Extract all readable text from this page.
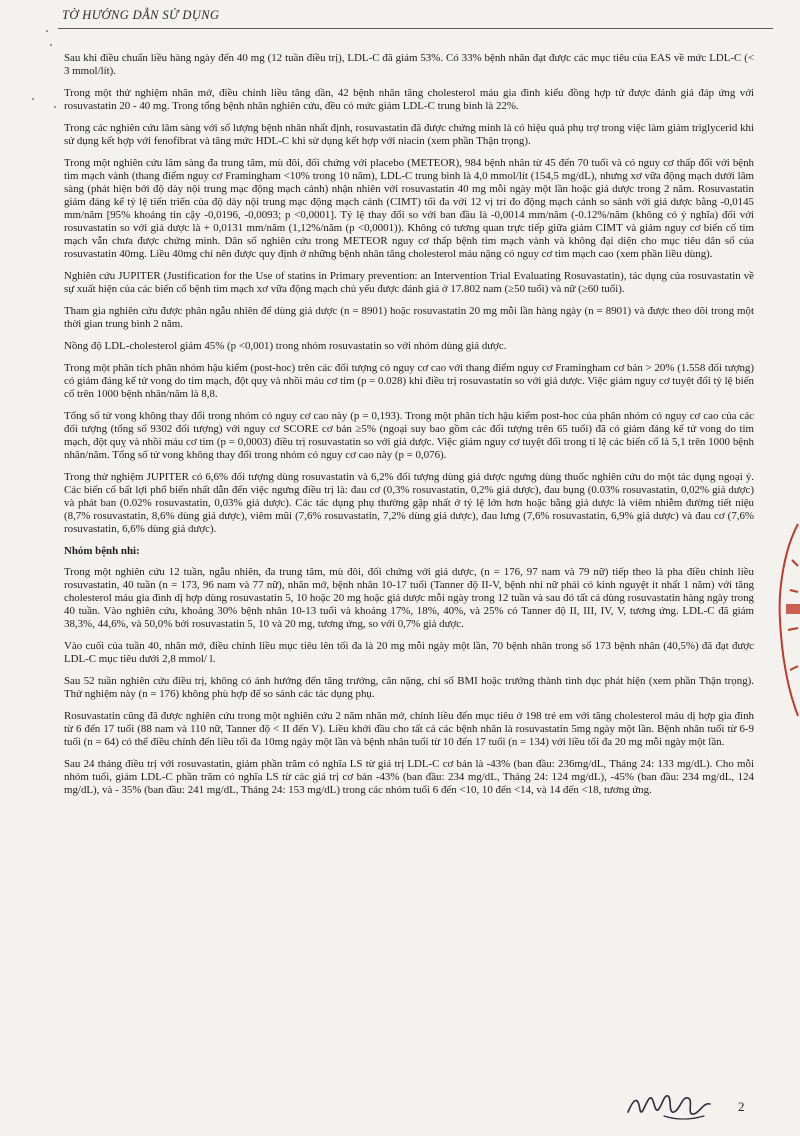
TỜ HƯỚNG DẪN SỬ DỤNG

Sau khi điều chuẩn liều hàng ngày đến 40 mg (12 tuần điều trị), LDL-C đã giảm 53%. Có 33% bệnh nhân đạt được các mục tiêu của EAS về mức LDL-C (< 3 mmol/lít).

Trong một thử nghiệm nhãn mở, điều chỉnh liều tăng dần, 42 bệnh nhân tăng cholesterol máu gia đình kiểu đồng hợp tử được đánh giá đáp ứng với rosuvastatin 20 - 40 mg. Trong tổng bệnh nhân nghiên cứu, đều có mức giảm LDL-C trung bình là 22%.

Trong các nghiên cứu lâm sàng với số lượng bệnh nhân nhất định, rosuvastatin đã được chứng minh là có hiệu quả phụ trợ trong việc làm giảm triglycerid khi sử dụng kết hợp với fenofibrat và tăng mức HDL-C khi sử dụng kết hợp với niacin (xem phần Thận trọng).

Trong một nghiên cứu lâm sàng đa trung tâm, mù đôi, đối chứng với placebo (METEOR), 984 bệnh nhân từ 45 đến 70 tuổi và có nguy cơ thấp đối với bệnh tim mạch vành (thang điểm nguy cơ Framingham <10% trong 10 năm), LDL-C trung bình là 4,0 mmol/lít (154,5 mg/dL), nhưng xơ vữa động mạch dưới lâm sàng (phát hiện bởi độ dày nội trung mạc động mạch cảnh) nhận nhiên với rosuvastatin 40 mg mỗi ngày một lần hoặc giả dược trong 2 năm. Rosuvastatin giảm đáng kể tỷ lệ tiến triển của độ dày nội trung mạc động mạch cảnh (CIMT) tối đa với 12 vị trí đo động mạch cảnh so sánh với giả dược bằng -0,0145 mm/năm [95% khoảng tin cậy -0,0196, -0,0093; p <0,0001]. Tỷ lệ thay đổi so với ban đầu là -0,0014 mm/năm (-0.12%/năm (không có ý nghĩa) đối với rosuvastatin so với giả dược là + 0,0131 mm/năm (1,12%/năm (p <0,0001)). Không có tương quan trực tiếp giữa giảm CIMT và giảm nguy cơ biến cố tim mạch vẫn chưa được chứng minh. Dân số nghiên cứu trong METEOR nguy cơ thấp bệnh tim mạch vành và không đại diện cho mục tiêu dân số của rosuvastatin 40mg. Liều 40mg chỉ nên được quy định ở những bệnh nhân tăng cholesterol máu nặng có nguy cơ tim mạch cao (xem phần liều dùng).

Nghiên cứu JUPITER (Justification for the Use of statins in Primary prevention: an Intervention Trial Evaluating Rosuvastatin), tác dụng của rosuvastatin về sự xuất hiện của các biến cố bệnh tim mạch xơ vữa động mạch chủ yếu được đánh giá ở 17.802 nam (≥50 tuổi) và nữ (≥60 tuổi).

Tham gia nghiên cứu được phân ngẫu nhiên để dùng giả dược (n = 8901) hoặc rosuvastatin 20 mg mỗi lần hàng ngày (n = 8901) và được theo dõi trong một thời gian trung bình 2 năm.

Nồng độ LDL-cholesterol giảm 45% (p <0,001) trong nhóm rosuvastatin so với nhóm dùng giả dược.

Trong một phân tích phân nhóm hậu kiểm (post-hoc) trên các đối tượng có nguy cơ cao với thang điểm nguy cơ Framingham cơ bản > 20% (1.558 đối tượng) có giảm đáng kể tử vong do tim mạch, đột quỵ và nhồi máu cơ tim (p = 0.028) khi điều trị rosuvastatin so với giả dược. Việc giảm nguy cơ tuyệt đối tỷ lệ biến cố trên 1000 bệnh nhân/năm là 8,8.

Tổng số tử vong không thay đổi trong nhóm có nguy cơ cao này (p = 0,193). Trong một phân tích hậu kiểm post-hoc của phân nhóm có nguy cơ cao của các đối tượng (tổng số 9302 đối tượng) với nguy cơ SCORE cơ bản ≥5% (ngoại suy bao gồm các đối tượng trên 65 tuổi) đã có giảm đáng kể tử vong do tim mạch, đột quỵ và nhồi máu cơ tim (p = 0,0003) điều trị rosuvastatin so với giả dược. Việc giảm nguy cơ tuyệt đối trong tỉ lệ các biến cố là 5,1 trên 1000 bệnh nhân/năm. Tổng số tử vong không thay đổi trong nhóm có nguy cơ cao này (p = 0,076).

Trong thử nghiệm JUPITER có 6,6% đối tượng dùng rosuvastatin và 6,2% đối tượng dùng giả dược ngưng dùng thuốc nghiên cứu do một tác dụng ngoại ý. Các biến cố bất lợi phổ biến nhất dẫn đến việc ngưng điều trị là: đau cơ (0,3% rosuvastatin, 0,2% giả dược), đau bụng (0.03% rosuvastatin, 0,02% giả dược) và phát ban (0.02% rosuvastatin, 0,03% giả dược). Các tác dụng phụ thường gặp nhất ở tỷ lệ lớn hơn hoặc bằng giả dược là viêm nhiễm đường tiết niệu (8,7% rosuvastatin, 8,6% dùng giả dược), viêm mũi (7,6% rosuvastatin, 7,2% dùng giả dược), đau lưng (7,6% rosuvastatin, 6,9% giả dược) và đau cơ (7,6% rosuvastatin, 6,6% dùng giả dược).

Nhóm bệnh nhi:

Trong một nghiên cứu 12 tuần, ngẫu nhiên, đa trung tâm, mù đôi, đối chứng với giả dược, (n = 176, 97 nam và 79 nữ) tiếp theo là pha điều chỉnh liều rosuvastatin, 40 tuần (n = 173, 96 nam và 77 nữ), nhãn mở, bệnh nhân 10-17 tuổi (Tanner độ II-V, bệnh nhi nữ phải có kinh nguyệt ít nhất 1 năm) với tăng cholesterol máu gia đình dị hợp dùng rosuvastatin 5, 10 hoặc 20 mg hoặc giả dược mỗi ngày trong 12 tuần và sau đó tất cả dùng rosuvastatin hàng ngày trong 40 tuần. Vào nghiên cứu, khoảng 30% bệnh nhân 10-13 tuổi và khoảng 17%, 18%, 40%, và 25% có Tanner độ II, III, IV, V, tương ứng. LDL-C đã giảm 38,3%, 44,6%, và 50,0% bởi rosuvastatin 5, 10 và 20 mg, tương ứng, so với 0,7% giả dược.

Vào cuối của tuần 40, nhãn mở, điều chỉnh liều mục tiêu lên tối đa là 20 mg mỗi ngày một lần, 70 bệnh nhân trong số 173 bệnh nhân (40,5%) đã đạt được LDL-C mục tiêu dưới 2,8 mmol/ l.

Sau 52 tuần nghiên cứu điều trị, không có ảnh hưởng đến tăng trưởng, cân nặng, chỉ số BMI hoặc trưởng thành tình dục phát hiện (xem phần Thận trọng). Thử nghiệm này (n = 176) không phù hợp để so sánh các tác dụng phụ.

Rosuvastatin cũng đã được nghiên cứu trong một nghiên cứu 2 năm nhãn mở, chỉnh liều đến mục tiêu ở 198 trẻ em với tăng cholesterol máu dị hợp gia đình từ 6 đến 17 tuổi (88 nam và 110 nữ, Tanner độ < II đến V). Liều khởi đầu cho tất cả các bệnh nhân là rosuvastatin 5mg ngày một lần. Bệnh nhân tuổi từ 6-9 tuổi (n = 64) có thể điều chỉnh đến liều tối đa 10mg ngày một lần và bệnh nhân tuổi từ 10 đến 17 tuổi (n = 134) với liều tối đa 20 mg mỗi ngày một lần.

Sau 24 tháng điều trị với rosuvastatin, giảm phần trăm có nghĩa LS từ giá trị LDL-C cơ bản là -43% (ban đầu: 236mg/dL, Tháng 24: 133 mg/dL). Cho mỗi nhóm tuổi, giảm LDL-C phần trăm có nghĩa LS từ các giá trị cơ bản -43% (ban đầu: 234 mg/dL, Tháng 24: 124 mg/dL), -45% (ban đầu: 234 mg/dL, 124 mg/dL), và - 35% (ban đầu: 241 mg/dL, Tháng 24: 153 mg/dL) trong các nhóm tuổi 6 đến <10, 10 đến <14, và 14 đến <18, tương ứng.

2
